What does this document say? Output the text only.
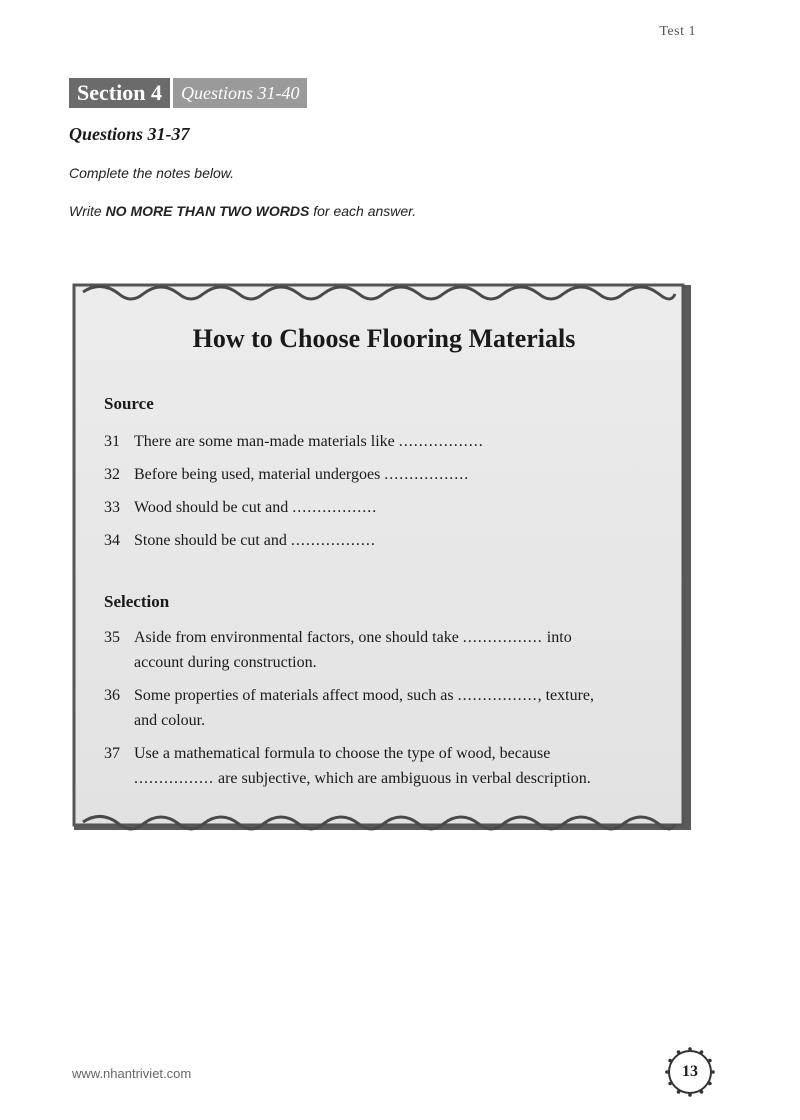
Test 1
Section 4	Questions 31-40
Questions 31-37
Complete the notes below.
Write NO MORE THAN TWO WORDS for each answer.
How to Choose Flooring Materials
Source
31 There are some man-made materials like .................
32 Before being used, material undergoes .................
33 Wood should be cut and .................
34 Stone should be cut and .................
Selection
35 Aside from environmental factors, one should take ................ into
account during construction.
36 Some properties of materials affect mood, such as ................, texture,
and colour.
37 Use a mathematical formula to choose the type of wood, because
................ are subjective, which are ambiguous in verbal description.
www.nhantriviet.com	13
